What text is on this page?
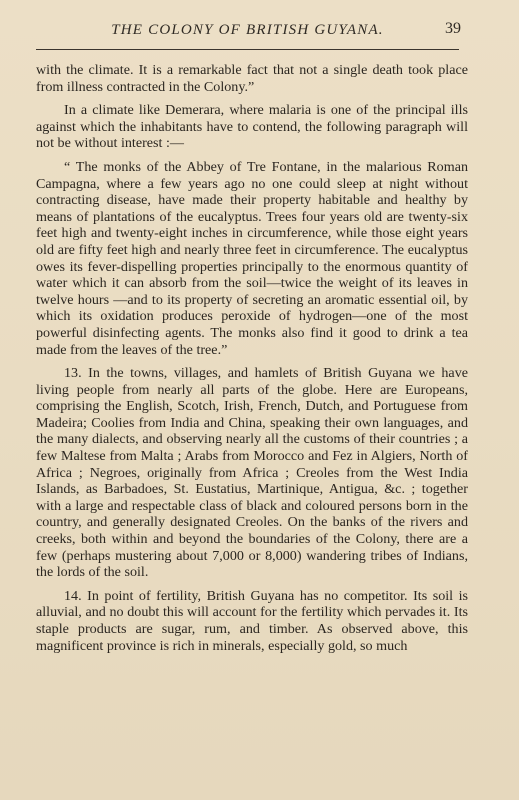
THE COLONY OF BRITISH GUYANA.	39

with the climate. It is a remarkable fact that not a single death took place from illness contracted in the Colony.”

In a climate like Demerara, where malaria is one of the principal ills against which the inhabitants have to contend, the following paragraph will not be without interest :—

“ The monks of the Abbey of Tre Fontane, in the malarious Roman Campagna, where a few years ago no one could sleep at night without contracting disease, have made their property habitable and healthy by means of plantations of the eucalyptus. Trees four years old are twenty-six feet high and twenty-eight inches in circumference, while those eight years old are fifty feet high and nearly three feet in circumference. The eucalyptus owes its fever-dispelling properties principally to the enormous quantity of water which it can absorb from the soil—twice the weight of its leaves in twelve hours —and to its property of secreting an aromatic essential oil, by which its oxidation produces peroxide of hydrogen—one of the most powerful disinfecting agents. The monks also find it good to drink a tea made from the leaves of the tree.”

13. In the towns, villages, and hamlets of British Guyana we have living people from nearly all parts of the globe. Here are Europeans, comprising the English, Scotch, Irish, French, Dutch, and Portuguese from Madeira; Coolies from India and China, speaking their own languages, and the many dialects, and observing nearly all the customs of their countries ; a few Maltese from Malta ; Arabs from Morocco and Fez in Algiers, North of Africa ; Negroes, originally from Africa ; Creoles from the West India Islands, as Barbadoes, St. Eustatius, Martinique, Antigua, &c. ; together with a large and respectable class of black and coloured persons born in the country, and generally designated Creoles. On the banks of the rivers and creeks, both within and beyond the boundaries of the Colony, there are a few (perhaps mustering about 7,000 or 8,000) wandering tribes of Indians, the lords of the soil.

14. In point of fertility, British Guyana has no competitor. Its soil is alluvial, and no doubt this will account for the fertility which pervades it. Its staple products are sugar, rum, and timber. As observed above, this magnificent province is rich in minerals, especially gold, so much
